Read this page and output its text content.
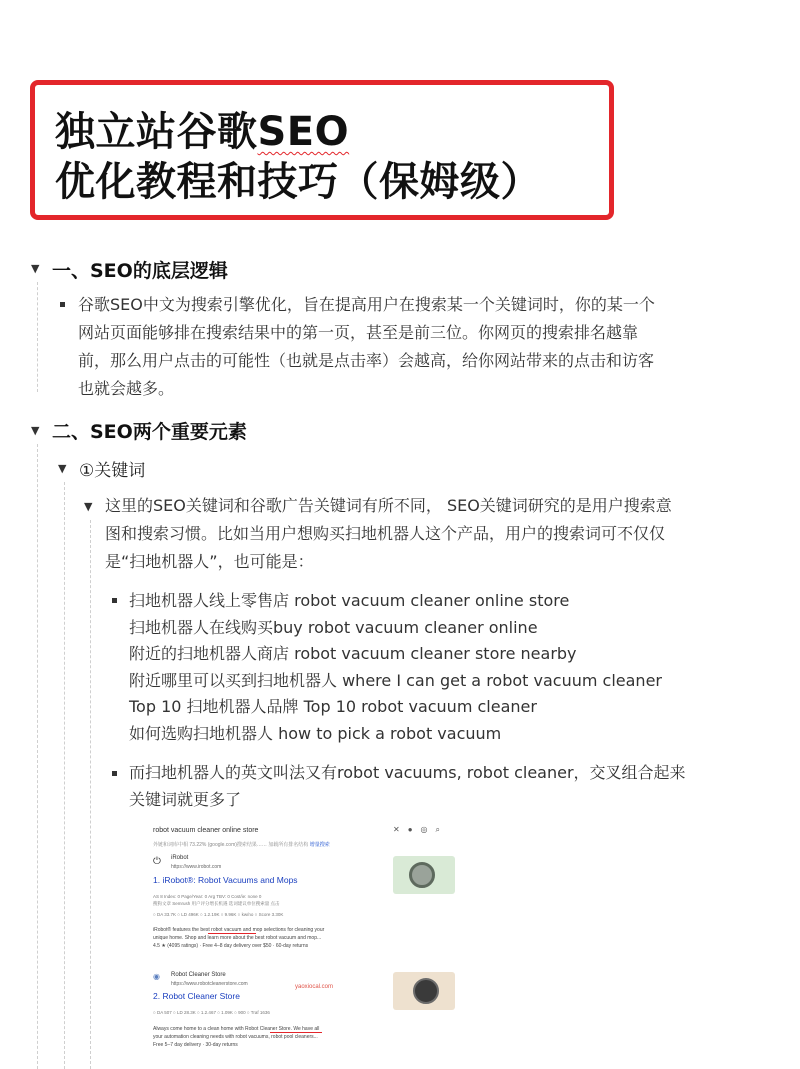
独立站谷歌SEO
优化教程和技巧（保姆级）
▼ 一、SEO的底层逻辑
谷歌SEO中文为搜索引擎优化，旨在提高用户在搜索某一个关键词时，你的某一个
网站页面能够排在搜索结果中的第一页，甚至是前三位。你网页的搜索排名越靠
前，那么用户点击的可能性（也就是点击率）会越高，给你网站带来的点击和访客
也就会越多。
▼ 二、SEO两个重要元素
▼ ①关键词
▼ 这里的SEO关键词和谷歌广告关键词有所不同， SEO关键词研究的是用户搜索意
图和搜索习惯。比如当用户想购买扫地机器人这个产品，用户的搜索词可不仅仅
是“扫地机器人”，也可能是：
扫地机器人线上零售店 robot vacuum cleaner online store
扫地机器人在线购买buy robot vacuum cleaner online
附近的扫地机器人商店 robot vacuum cleaner store nearby
附近哪里可以买到扫地机器人 where I can get a robot vacuum cleaner
Top 10 扫地机器人品牌 Top 10 robot vacuum cleaner
如何选购扫地机器人 how to pick a robot vacuum
而扫地机器人的英文叫法又有robot vacuums, robot cleaner，交叉组合起来
关键词就更多了
robot vacuum cleaner online store	✕●◎⌕
外链和词库中相 73.22% (google.com)搜索结果…… 加载所有排名结构 增量搜索
⏻ iRobot
https://www.irobot.com
1. iRobot®: Robot Vacuums and Mops
AS 8 Index: 0 Page/Year: 0 Arg TBV: 0 Cost/ie: none 0
搜狗文章 Semrush 用户评分增长机遇 选词建议单位搜索量 点击
○ DA 33.7K ○ LD 496K ○ 1.2.19K ○ 9.96K ○ kw/no ○ Score 3.30K
iRobot® features the best robot vacuum and mop selections for cleaning your
unique home. Shop and learn more about the best robot vacuum and mop...
4.5 ★ (4095 ratings) · Free 4–8 day delivery over $50 · 60-day returns
◉ Robot Cleaner Store
https://www.robotcleanerstore.com
2. Robot Cleaner Store
yaoxiocal.com
○ DA 507 ○ LD 28.3K ○ 1.2.467 ○ 1.09K ○ 900 ○ Traf 1636
Always come home to a clean home with Robot Cleaner Store. We have all
your automation cleaning needs with robot vacuums, robot pool cleaners...
Free 5–7 day delivery · 30-day returns
